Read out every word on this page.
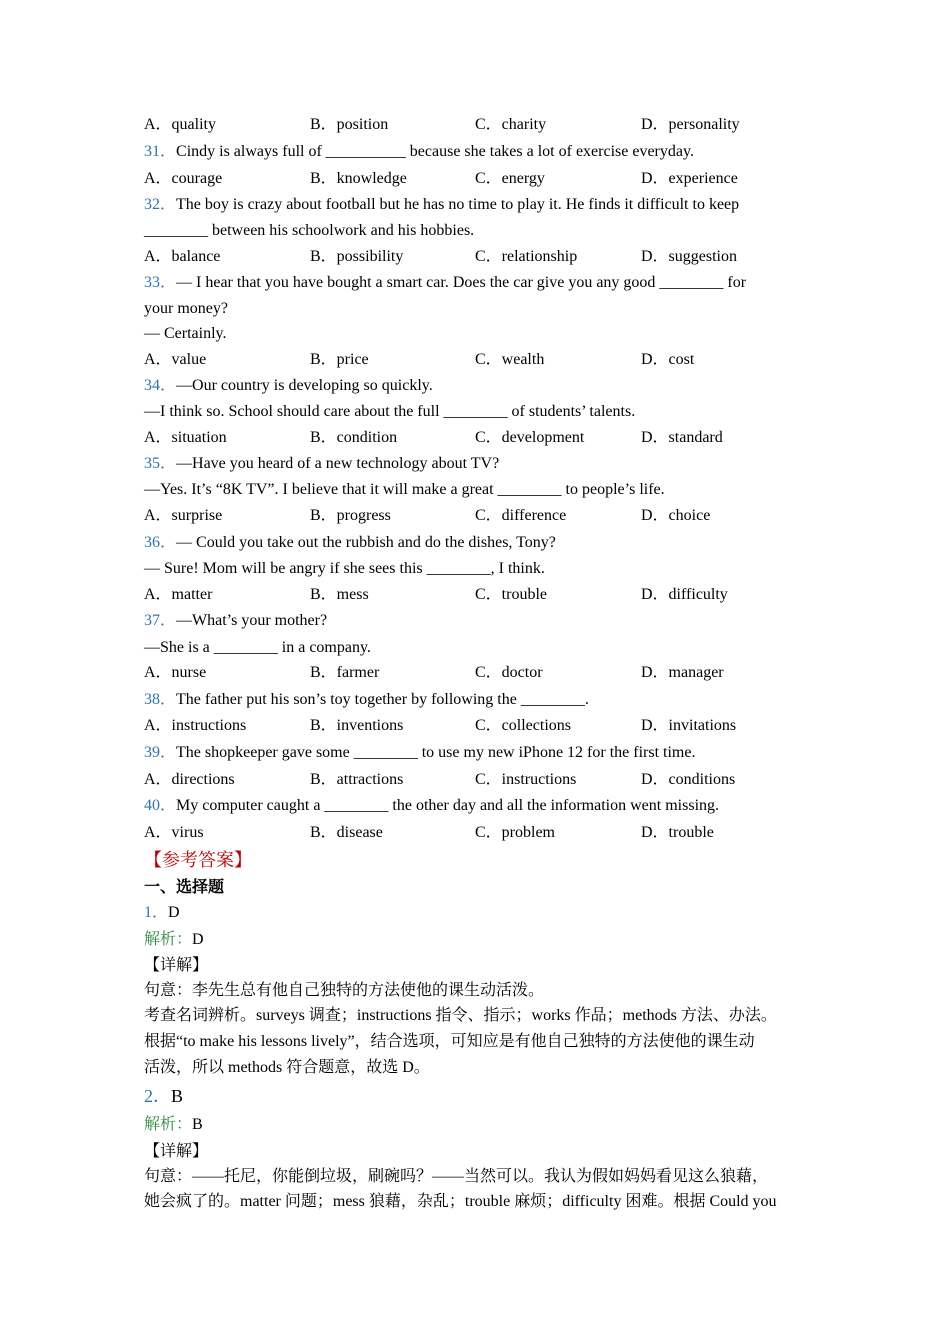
A．quality	B．position	C．charity	D．personality
31．Cindy is always full of __________ because she takes a lot of exercise everyday.
A．courage	B．knowledge	C．energy	D．experience
32．The boy is crazy about football but he has no time to play it. He finds it difficult to keep
________ between his schoolwork and his hobbies.
A．balance	B．possibility	C．relationship	D．suggestion
33．— I hear that you have bought a smart car. Does the car give you any good ________ for
your money?
— Certainly.
A．value	B．price	C．wealth	D．cost
34．—Our country is developing so quickly.
—I think so. School should care about the full ________ of students’ talents.
A．situation	B．condition	C．development	D．standard
35．—Have you heard of a new technology about TV?
—Yes. It’s “8K TV”. I believe that it will make a great ________ to people’s life.
A．surprise	B．progress	C．difference	D．choice
36．— Could you take out the rubbish and do the dishes, Tony?
— Sure! Mom will be angry if she sees this ________, I think.
A．matter	B．mess	C．trouble	D．difficulty
37．—What’s your mother?
—She is a ________ in a company.
A．nurse	B．farmer	C．doctor	D．manager
38．The father put his son’s toy together by following the ________.
A．instructions	B．inventions	C．collections	D．invitations
39．The shopkeeper gave some ________ to use my new iPhone 12 for the first time.
A．directions	B．attractions	C．instructions	D．conditions
40．My computer caught a ________ the other day and all the information went missing.
A．virus	B．disease	C．problem	D．trouble
【参考答案】
一、选择题
1．D
解析：D
【详解】
句意：李先生总有他自己独特的方法使他的课生动活泼。
考查名词辨析。surveys 调查；instructions 指令、指示；works 作品；methods 方法、办法。
根据“to make his lessons lively”，结合选项，可知应是有他自己独特的方法使他的课生动
活泼，所以 methods 符合题意，故选 D。
2．B
解析：B
【详解】
句意：——托尼，你能倒垃圾，刷碗吗？——当然可以。我认为假如妈妈看见这么狼藉，
她会疯了的。matter 问题；mess 狼藉，杂乱；trouble 麻烦；difficulty 困难。根据 Could you
